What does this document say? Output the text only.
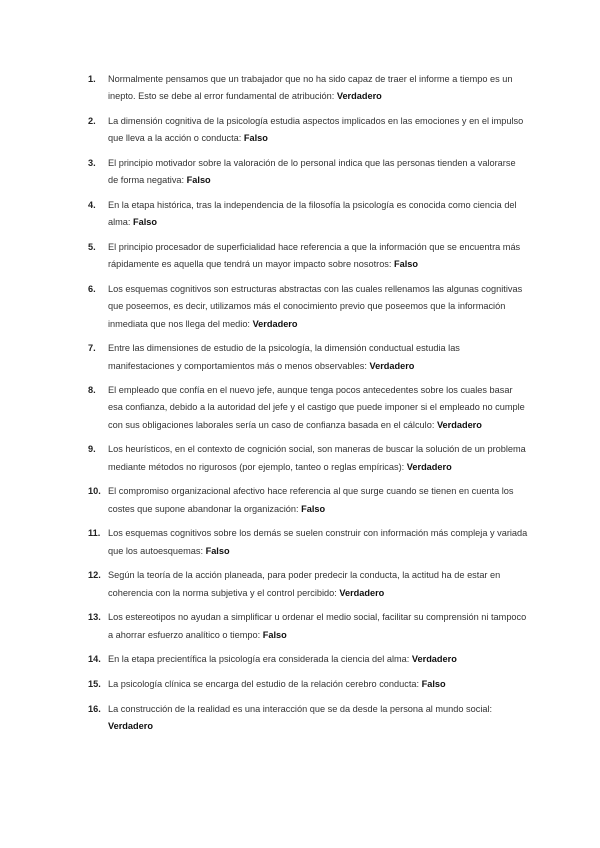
1. Normalmente pensamos que un trabajador que no ha sido capaz de traer el informe a tiempo es un inepto. Esto se debe al error fundamental de atribución: Verdadero
2. La dimensión cognitiva de la psicología estudia aspectos implicados en las emociones y en el impulso que lleva a la acción o conducta: Falso
3. El principio motivador sobre la valoración de lo personal indica que las personas tienden a valorarse de forma negativa: Falso
4. En la etapa histórica, tras la independencia de la filosofía la psicología es conocida como ciencia del alma: Falso
5. El principio procesador de superficialidad hace referencia a que la información que se encuentra más rápidamente es aquella que tendrá un mayor impacto sobre nosotros: Falso
6. Los esquemas cognitivos son estructuras abstractas con las cuales rellenamos las algunas cognitivas que poseemos, es decir, utilizamos más el conocimiento previo que poseemos que la información inmediata que nos llega del medio: Verdadero
7. Entre las dimensiones de estudio de la psicología, la dimensión conductual estudia las manifestaciones y comportamientos más o menos observables: Verdadero
8. El empleado que confía en el nuevo jefe, aunque tenga pocos antecedentes sobre los cuales basar esa confianza, debido a la autoridad del jefe y el castigo que puede imponer si el empleado no cumple con sus obligaciones laborales sería un caso de confianza basada en el cálculo: Verdadero
9. Los heurísticos, en el contexto de cognición social, son maneras de buscar la solución de un problema mediante métodos no rigurosos (por ejemplo, tanteo o reglas empíricas): Verdadero
10. El compromiso organizacional afectivo hace referencia al que surge cuando se tienen en cuenta los costes que supone abandonar la organización: Falso
11. Los esquemas cognitivos sobre los demás se suelen construir con información más compleja y variada que los autoesquemas: Falso
12. Según la teoría de la acción planeada, para poder predecir la conducta, la actitud ha de estar en coherencia con la norma subjetiva y el control percibido: Verdadero
13. Los estereotipos no ayudan a simplificar u ordenar el medio social, facilitar su comprensión ni tampoco a ahorrar esfuerzo analítico o tiempo: Falso
14. En la etapa precientífica la psicología era considerada la ciencia del alma: Verdadero
15. La psicología clínica se encarga del estudio de la relación cerebro conducta: Falso
16. La construcción de la realidad es una interacción que se da desde la persona al mundo social: Verdadero
